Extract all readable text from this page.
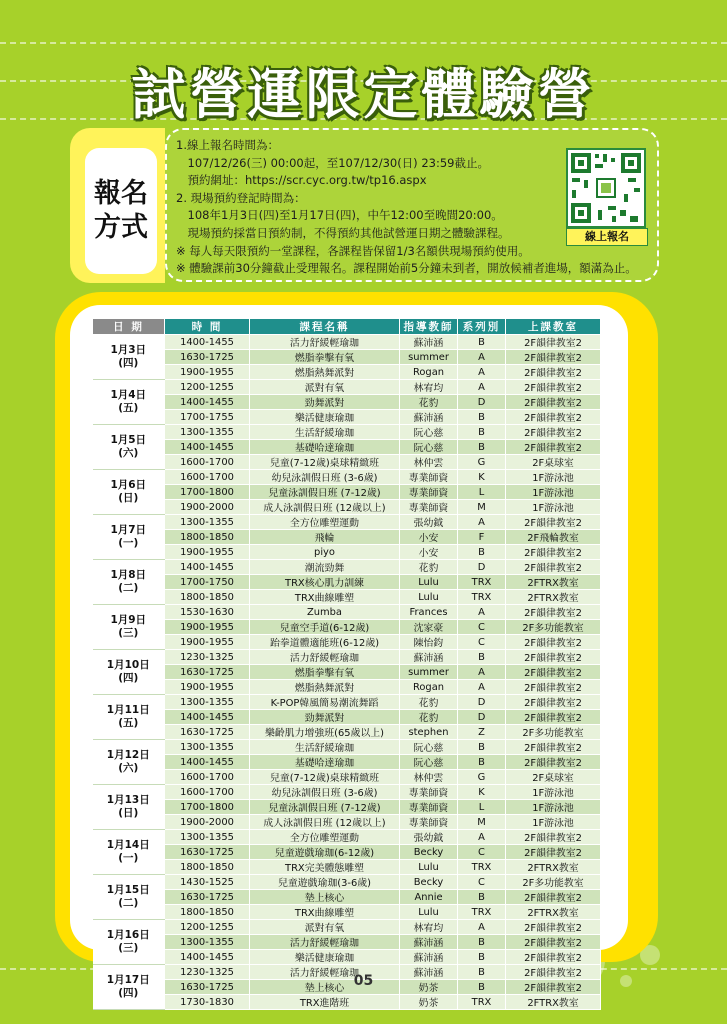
試營運限定體驗營
報名方式
1.線上報名時間為：
　107/12/26(三) 00:00起，至107/12/30(日) 23:59截止。
　預約網址：https://scr.cyc.org.tw/tp16.aspx
2. 現場預約登記時間為：
　108年1月3日(四)至1月17日(四)，中午12:00至晚間20:00。
　現場預約採當日預約制，不得預約其他試營運日期之體驗課程。
※ 每人每天限預約一堂課程，各課程皆保留1/3名額供現場預約使用。
※ 體驗課前30分鐘截止受理報名。課程開始前5分鐘未到者，開放候補者進場，額滿為止。
線上報名
日 期	時 間	課程名稱	指導教師	系列別	上課教室

1月3日
(四)	1400-1455	活力舒緩輕瑜珈	蘇沛涵	B	2F韻律教室2
	1630-1725	燃脂拳擊有氧	summer	A	2F韻律教室2
	1900-1955	燃脂熱舞派對	Rogan	A	2F韻律教室2

1月4日
(五)	1200-1255	派對有氧	林宥均	A	2F韻律教室2
	1400-1455	勁舞派對	花豹	D	2F韻律教室2
	1700-1755	樂活健康瑜珈	蘇沛涵	B	2F韻律教室2

1月5日
(六)	1300-1355	生活舒緩瑜珈	阮心慈	B	2F韻律教室2
	1400-1455	基礎哈達瑜珈	阮心慈	B	2F韻律教室2
	1600-1700	兒童(7-12歲)桌球精緻班	林仲雲	G	2F桌球室

1月6日
(日)	1600-1700	幼兒泳訓假日班 (3-6歲)	專業師資	K	1F游泳池
	1700-1800	兒童泳訓假日班 (7-12歲)	專業師資	L	1F游泳池
	1900-2000	成人泳訓假日班 (12歲以上)	專業師資	M	1F游泳池

1月7日
(一)	1300-1355	全方位雕塑運動	張幼鉞	A	2F韻律教室2
	1800-1850	飛輪	小安	F	2F飛輪教室
	1900-1955	piyo	小安	B	2F韻律教室2

1月8日
(二)	1400-1455	潮流勁舞	花豹	D	2F韻律教室2
	1700-1750	TRX核心肌力訓練	Lulu	TRX	2FTRX教室
	1800-1850	TRX曲線雕塑	Lulu	TRX	2FTRX教室

1月9日
(三)	1530-1630	Zumba	Frances	A	2F韻律教室2
	1900-1955	兒童空手道(6-12歲)	沈家豪	C	2F多功能教室
	1900-1955	跆拳道體適能班(6-12歲)	陳怡鈞	C	2F韻律教室2

1月10日
(四)	1230-1325	活力舒緩輕瑜珈	蘇沛涵	B	2F韻律教室2
	1630-1725	燃脂拳擊有氧	summer	A	2F韻律教室2
	1900-1955	燃脂熱舞派對	Rogan	A	2F韻律教室2

1月11日
(五)	1300-1355	K-POP韓風簡易潮流舞蹈	花豹	D	2F韻律教室2
	1400-1455	勁舞派對	花豹	D	2F韻律教室2
	1630-1725	樂齡肌力增強班(65歲以上)	stephen	Z	2F多功能教室

1月12日
(六)	1300-1355	生活舒緩瑜珈	阮心慈	B	2F韻律教室2
	1400-1455	基礎哈達瑜珈	阮心慈	B	2F韻律教室2
	1600-1700	兒童(7-12歲)桌球精緻班	林仲雲	G	2F桌球室

1月13日
(日)	1600-1700	幼兒泳訓假日班 (3-6歲)	專業師資	K	1F游泳池
	1700-1800	兒童泳訓假日班 (7-12歲)	專業師資	L	1F游泳池
	1900-2000	成人泳訓假日班 (12歲以上)	專業師資	M	1F游泳池

1月14日
(一)	1300-1355	全方位雕塑運動	張幼鉞	A	2F韻律教室2
	1630-1725	兒童遊戲瑜珈(6-12歲)	Becky	C	2F韻律教室2
	1800-1850	TRX完美體態雕塑	Lulu	TRX	2FTRX教室

1月15日
(二)	1430-1525	兒童遊戲瑜珈(3-6歲)	Becky	C	2F多功能教室
	1630-1725	墊上核心	Annie	B	2F韻律教室2
	1800-1850	TRX曲線雕塑	Lulu	TRX	2FTRX教室

1月16日
(三)	1200-1255	派對有氧	林宥均	A	2F韻律教室2
	1300-1355	活力舒緩輕瑜珈	蘇沛涵	B	2F韻律教室2
	1400-1455	樂活健康瑜珈	蘇沛涵	B	2F韻律教室2

1月17日
(四)	1230-1325	活力舒緩輕瑜珈	蘇沛涵	B	2F韻律教室2
	1630-1725	墊上核心	奶茶	B	2F韻律教室2
	1730-1830	TRX進階班	奶茶	TRX	2FTRX教室
05
